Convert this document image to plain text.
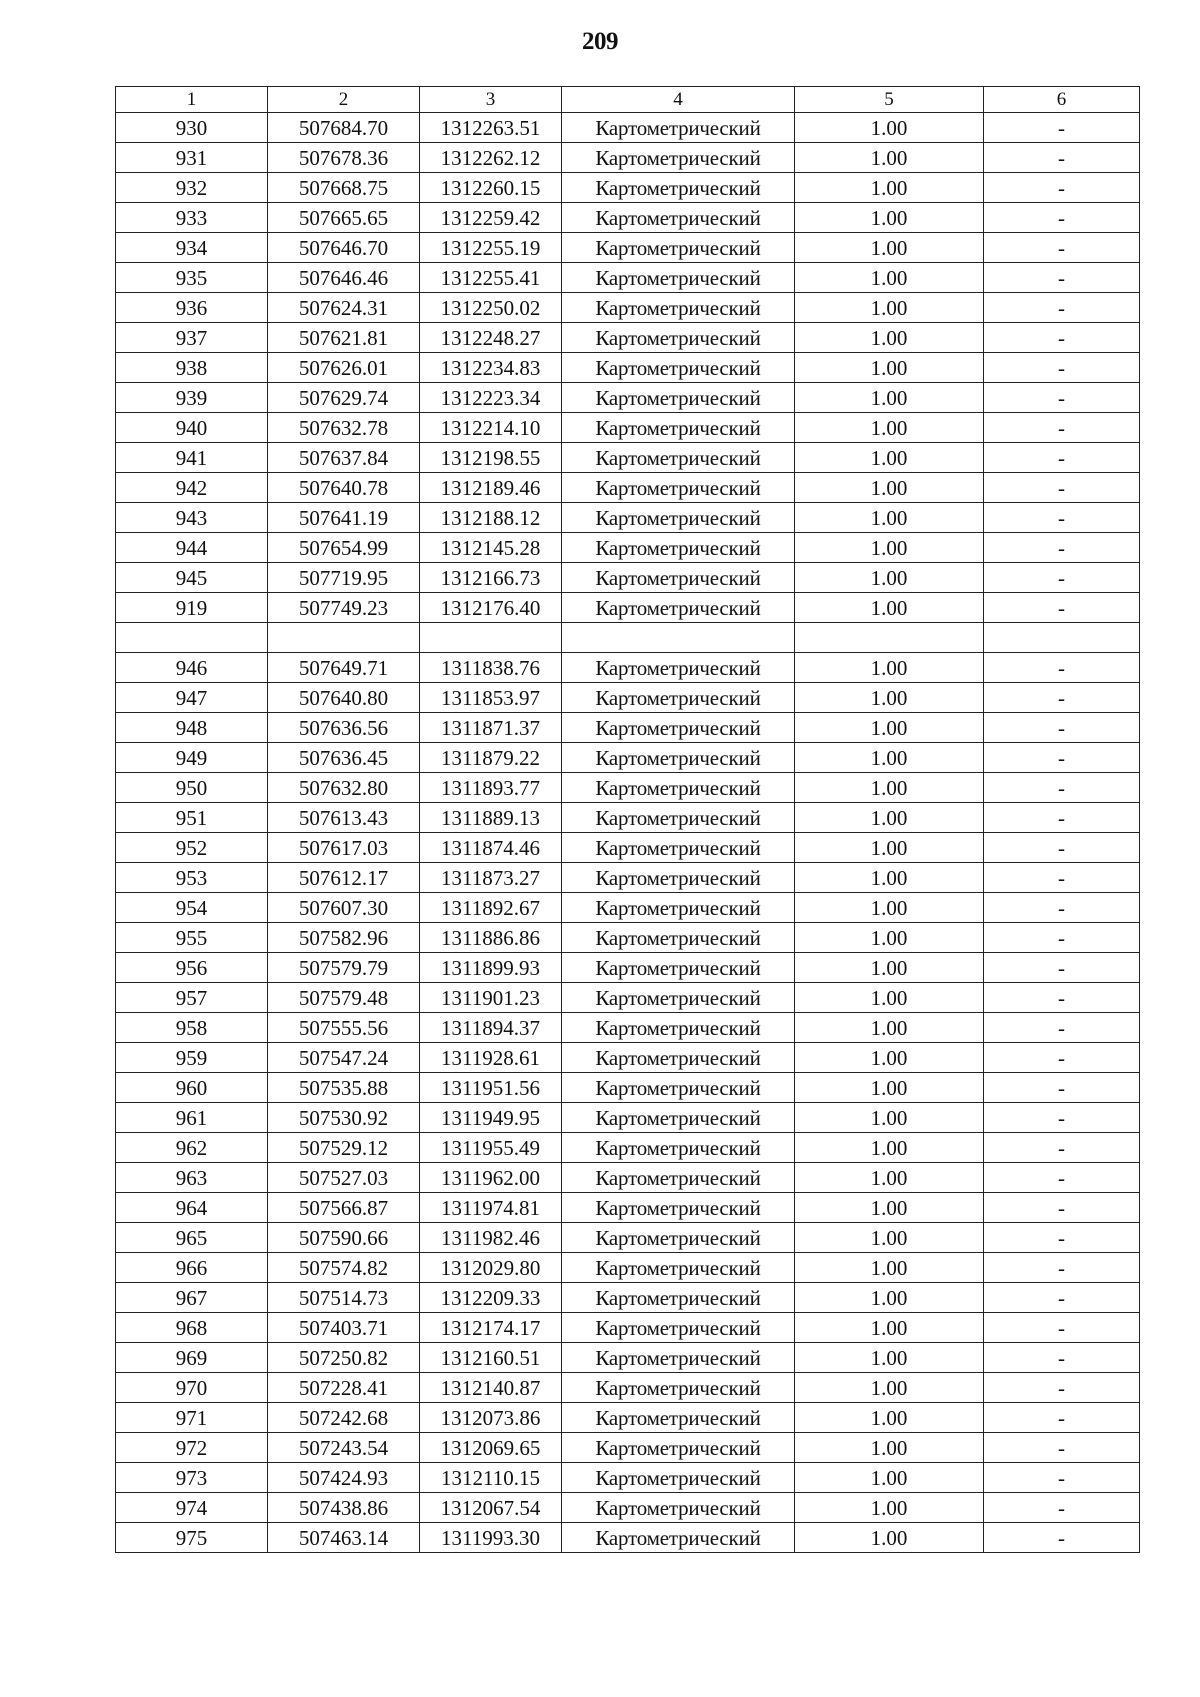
209
1	2	3	4	5	6
930	507684.70	1312263.51	Картометрический	1.00	-
931	507678.36	1312262.12	Картометрический	1.00	-
932	507668.75	1312260.15	Картометрический	1.00	-
933	507665.65	1312259.42	Картометрический	1.00	-
934	507646.70	1312255.19	Картометрический	1.00	-
935	507646.46	1312255.41	Картометрический	1.00	-
936	507624.31	1312250.02	Картометрический	1.00	-
937	507621.81	1312248.27	Картометрический	1.00	-
938	507626.01	1312234.83	Картометрический	1.00	-
939	507629.74	1312223.34	Картометрический	1.00	-
940	507632.78	1312214.10	Картометрический	1.00	-
941	507637.84	1312198.55	Картометрический	1.00	-
942	507640.78	1312189.46	Картометрический	1.00	-
943	507641.19	1312188.12	Картометрический	1.00	-
944	507654.99	1312145.28	Картометрический	1.00	-
945	507719.95	1312166.73	Картометрический	1.00	-
919	507749.23	1312176.40	Картометрический	1.00	-

946	507649.71	1311838.76	Картометрический	1.00	-
947	507640.80	1311853.97	Картометрический	1.00	-
948	507636.56	1311871.37	Картометрический	1.00	-
949	507636.45	1311879.22	Картометрический	1.00	-
950	507632.80	1311893.77	Картометрический	1.00	-
951	507613.43	1311889.13	Картометрический	1.00	-
952	507617.03	1311874.46	Картометрический	1.00	-
953	507612.17	1311873.27	Картометрический	1.00	-
954	507607.30	1311892.67	Картометрический	1.00	-
955	507582.96	1311886.86	Картометрический	1.00	-
956	507579.79	1311899.93	Картометрический	1.00	-
957	507579.48	1311901.23	Картометрический	1.00	-
958	507555.56	1311894.37	Картометрический	1.00	-
959	507547.24	1311928.61	Картометрический	1.00	-
960	507535.88	1311951.56	Картометрический	1.00	-
961	507530.92	1311949.95	Картометрический	1.00	-
962	507529.12	1311955.49	Картометрический	1.00	-
963	507527.03	1311962.00	Картометрический	1.00	-
964	507566.87	1311974.81	Картометрический	1.00	-
965	507590.66	1311982.46	Картометрический	1.00	-
966	507574.82	1312029.80	Картометрический	1.00	-
967	507514.73	1312209.33	Картометрический	1.00	-
968	507403.71	1312174.17	Картометрический	1.00	-
969	507250.82	1312160.51	Картометрический	1.00	-
970	507228.41	1312140.87	Картометрический	1.00	-
971	507242.68	1312073.86	Картометрический	1.00	-
972	507243.54	1312069.65	Картометрический	1.00	-
973	507424.93	1312110.15	Картометрический	1.00	-
974	507438.86	1312067.54	Картометрический	1.00	-
975	507463.14	1311993.30	Картометрический	1.00	-
